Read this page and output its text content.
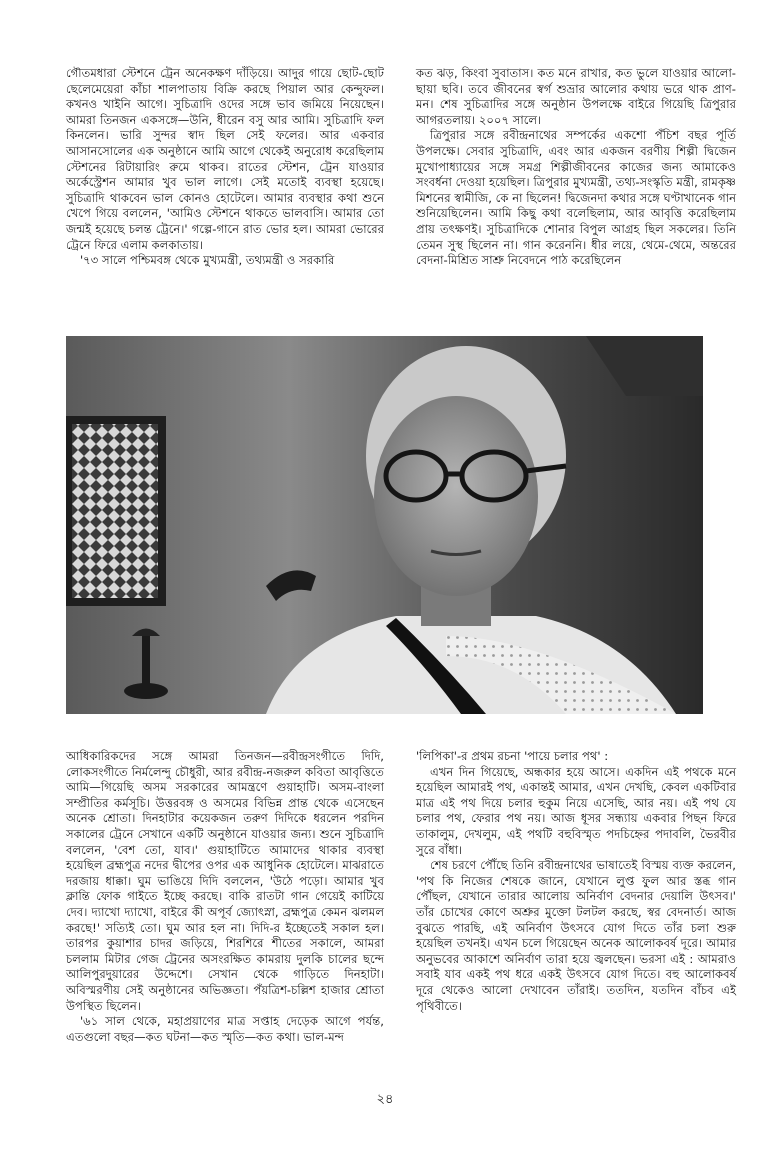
গৌতমধারা স্টেশনে ট্রেন অনেকক্ষণ দাঁড়িয়ে। আদুর গায়ে ছোট-ছোট ছেলেমেয়েরা কাঁচা শালপাতায় বিক্রি করছে পিয়াল আর কেন্দুফল। কখনও খাইনি আগে। সুচিত্রাদি ওদের সঙ্গে ভাব জমিয়ে নিয়েছেন। আমরা তিনজন একসঙ্গে—উনি, ধীরেন বসু আর আমি। সুচিত্রাদি ফল কিনলেন। ভারি সুন্দর স্বাদ ছিল সেই ফলের। আর একবার আসানসোলের এক অনুষ্ঠানে আমি আগে থেকেই অনুরোধ করেছিলাম স্টেশনের রিটায়ারিং রুমে থাকব। রাতের স্টেশন, ট্রেন যাওয়ার অর্কেস্ট্রেশন আমার খুব ভাল লাগে। সেই মতোই ব্যবস্থা হয়েছে। সুচিত্রাদি থাকবেন ভাল কোনও হোটেলে। আমার ব্যবস্থার কথা শুনে খেপে গিয়ে বললেন, 'আমিও স্টেশনে থাকতে ভালবাসি। আমার তো জন্মই হয়েছে চলন্ত ট্রেনে।' গল্পে-গানে রাত ভোর হল। আমরা ভোরের ট্রেনে ফিরে এলাম কলকাতায়।

'৭৩ সালে পশ্চিমবঙ্গ থেকে মুখ্যমন্ত্রী, তথ্যমন্ত্রী ও সরকারি

কত ঝড়, কিংবা সুবাতাস। কত মনে রাখার, কত ভুলে যাওয়ার আলো-ছায়া ছবি। তবে জীবনের স্বর্গ শুভ্রার আলোর কথায় ভরে থাক প্রাণ-মন। শেষ সুচিত্রাদির সঙ্গে অনুষ্ঠান উপলক্ষে বাইরে গিয়েছি ত্রিপুরার আগরতলায়। ২০০৭ সালে।

ত্রিপুরার সঙ্গে রবীন্দ্রনাথের সম্পর্কের একশো পঁচিশ বছর পূর্তি উপলক্ষে। সেবার সুচিত্রাদি, এবং আর একজন বরণীয় শিল্পী দ্বিজেন মুখোপাধ্যায়ের সঙ্গে সমগ্র শিল্পীজীবনের কাজের জন্য আমাকেও সংবর্ধনা দেওয়া হয়েছিল। ত্রিপুরার মুখ্যমন্ত্রী, তথ্য-সংস্কৃতি মন্ত্রী, রামকৃষ্ণ মিশনের স্বামীজি, কে না ছিলেন! দ্বিজেনদা কথার সঙ্গে ঘণ্টাখানেক গান শুনিয়েছিলেন। আমি কিছু কথা বলেছিলাম, আর আবৃত্তি করেছিলাম প্রায় তৎক্ষণই। সুচিত্রাদিকে শোনার বিপুল আগ্রহ ছিল সকলের। তিনি তেমন সুস্থ ছিলেন না। গান করেননি। ধীর লয়ে, থেমে-থেমে, অন্তরের বেদনা-মিশ্রিত সাশ্রু নিবেদনে পাঠ করেছিলেন

আধিকারিকদের সঙ্গে আমরা তিনজন—রবীন্দ্রসংগীতে দিদি, লোকসংগীতে নির্মলেন্দু চৌধুরী, আর রবীন্দ্র-নজরুল কবিতা আবৃত্তিতে আমি—গিয়েছি অসম সরকারের আমন্ত্রণে গুয়াহাটি। অসম-বাংলা সম্প্রীতির কর্মসূচি। উত্তরবঙ্গ ও অসমের বিভিন্ন প্রান্ত থেকে এসেছেন অনেক শ্রোতা। দিনহাটার কয়েকজন তরুণ দিদিকে ধরলেন পরদিন সকালের ট্রেনে সেখানে একটি অনুষ্ঠানে যাওয়ার জন্য। শুনে সুচিত্রাদি বললেন, 'বেশ তো, যাব।' গুয়াহাটিতে আমাদের থাকার ব্যবস্থা হয়েছিল ব্রহ্মপুত্র নদের দ্বীপের ওপর এক আধুনিক হোটেলে। মাঝরাতে দরজায় ধাক্কা। ঘুম ভাঙিয়ে দিদি বললেন, 'উঠে পড়ো। আমার খুব ক্লান্তি ফোক গাইতে ইচ্ছে করছে। বাকি রাতটা গান গেয়েই কাটিয়ে দেব। দ্যাখো দ্যাখো, বাইরে কী অপূর্ব জ্যোৎস্না, ব্রহ্মপুত্র কেমন ঝলমল করছে!' সত্যিই তো। ঘুম আর হল না। দিদি-র ইচ্ছেতেই সকাল হল। তারপর কুয়াশার চাদর জড়িয়ে, শিরশিরে শীতের সকালে, আমরা চললাম মিটার গেজ ট্রেনের অসংরক্ষিত কামরায় দুলকি চালের ছন্দে আলিপুরদুয়ারের উদ্দেশে। সেখান থেকে গাড়িতে দিনহাটা। অবিস্মরণীয় সেই অনুষ্ঠানের অভিজ্ঞতা। পঁয়ত্রিশ-চল্লিশ হাজার শ্রোতা উপস্থিত ছিলেন।

'৬১ সাল থেকে, মহাপ্রয়াণের মাত্র সপ্তাহ দেড়েক আগে পর্যন্ত, এতগুলো বছর—কত ঘটনা—কত স্মৃতি—কত কথা। ভাল-মন্দ

'লিপিকা'-র প্রথম রচনা 'পায়ে চলার পথ' :

এখন দিন গিয়েছে, অন্ধকার হয়ে আসে। একদিন এই পথকে মনে হয়েছিল আমারই পথ, একান্তই আমার, এখন দেখছি, কেবল একটিবার মাত্র এই পথ দিয়ে চলার হুকুম নিয়ে এসেছি, আর নয়। এই পথ যে চলার পথ, ফেরার পথ নয়। আজ ধূসর সন্ধ্যায় একবার পিছন ফিরে তাকালুম, দেখলুম, এই পথটি বহুবিস্মৃত পদচিহ্নের পদাবলি, ভৈরবীর সুরে বাঁধা।

শেষ চরণে পৌঁছে তিনি রবীন্দ্রনাথের ভাষাতেই বিস্ময় ব্যক্ত করলেন, 'পথ কি নিজের শেষকে জানে, যেখানে লুপ্ত ফুল আর স্তব্ধ গান পৌঁছল, যেখানে তারার আলোয় অনির্বাণ বেদনার দেয়ালি উৎসব।' তাঁর চোখের কোণে অশ্রুর মুক্তো টলটল করছে, স্বর বেদনার্ত। আজ বুঝতে পারছি, এই অনির্বাণ উৎসবে যোগ দিতে তাঁর চলা শুরু হয়েছিল তখনই। এখন চলে গিয়েছেন অনেক আলোকবর্ষ দূরে। আমার অনুভবের আকাশে অনির্বাণ তারা হয়ে জ্বলছেন। ভরসা এই : আমরাও সবাই যাব একই পথ ধরে একই উৎসবে যোগ দিতে। বহু আলোকবর্ষ দূরে থেকেও আলো দেখাবেন তাঁরাই। ততদিন, যতদিন বাঁচব এই পৃথিবীতে।

২৪
